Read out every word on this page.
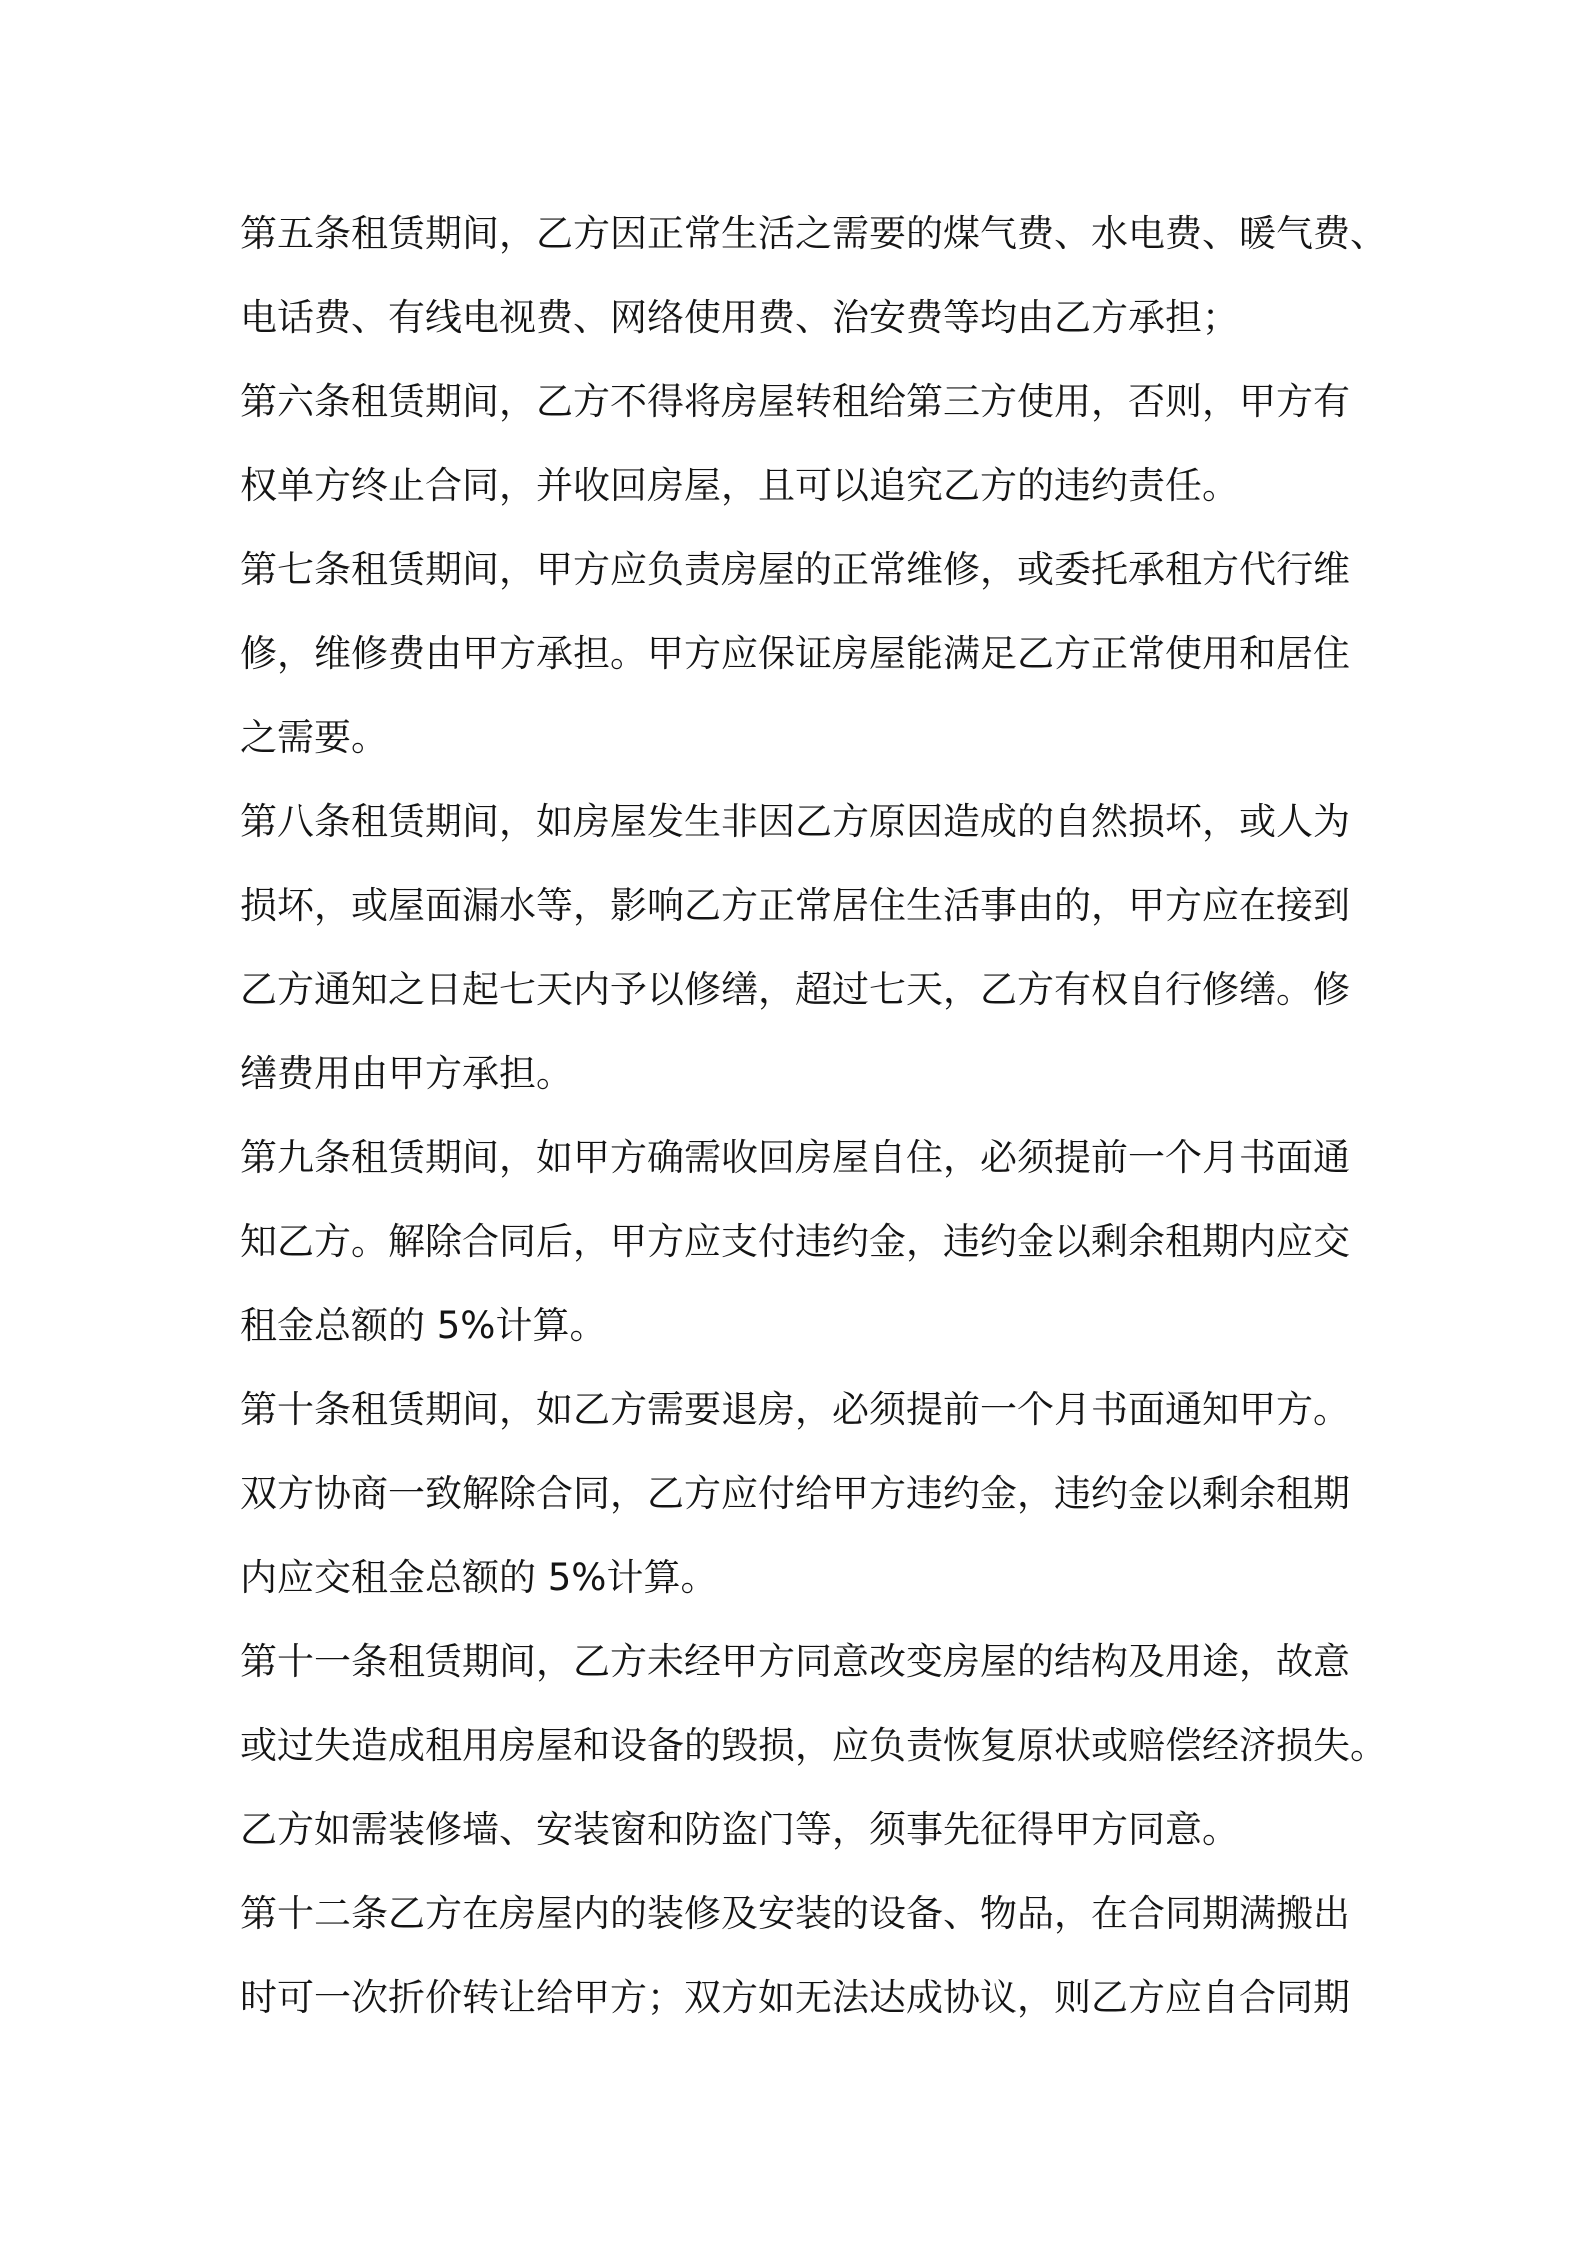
第五条租赁期间，乙方因正常生活之需要的煤气费、水电费、暖气费、
电话费、有线电视费、网络使用费、治安费等均由乙方承担；
第六条租赁期间，乙方不得将房屋转租给第三方使用，否则，甲方有
权单方终止合同，并收回房屋，且可以追究乙方的违约责任。
第七条租赁期间，甲方应负责房屋的正常维修，或委托承租方代行维
修，维修费由甲方承担。甲方应保证房屋能满足乙方正常使用和居住
之需要。
第八条租赁期间，如房屋发生非因乙方原因造成的自然损坏，或人为
损坏，或屋面漏水等，影响乙方正常居住生活事由的，甲方应在接到
乙方通知之日起七天内予以修缮，超过七天，乙方有权自行修缮。修
缮费用由甲方承担。
第九条租赁期间，如甲方确需收回房屋自住，必须提前一个月书面通
知乙方。解除合同后，甲方应支付违约金，违约金以剩余租期内应交
租金总额的 5%计算。
第十条租赁期间，如乙方需要退房，必须提前一个月书面通知甲方。
双方协商一致解除合同，乙方应付给甲方违约金，违约金以剩余租期
内应交租金总额的 5%计算。
第十一条租赁期间，乙方未经甲方同意改变房屋的结构及用途，故意
或过失造成租用房屋和设备的毁损，应负责恢复原状或赔偿经济损失。
乙方如需装修墙、安装窗和防盗门等，须事先征得甲方同意。
第十二条乙方在房屋内的装修及安装的设备、物品，在合同期满搬出
时可一次折价转让给甲方；双方如无法达成协议，则乙方应自合同期
